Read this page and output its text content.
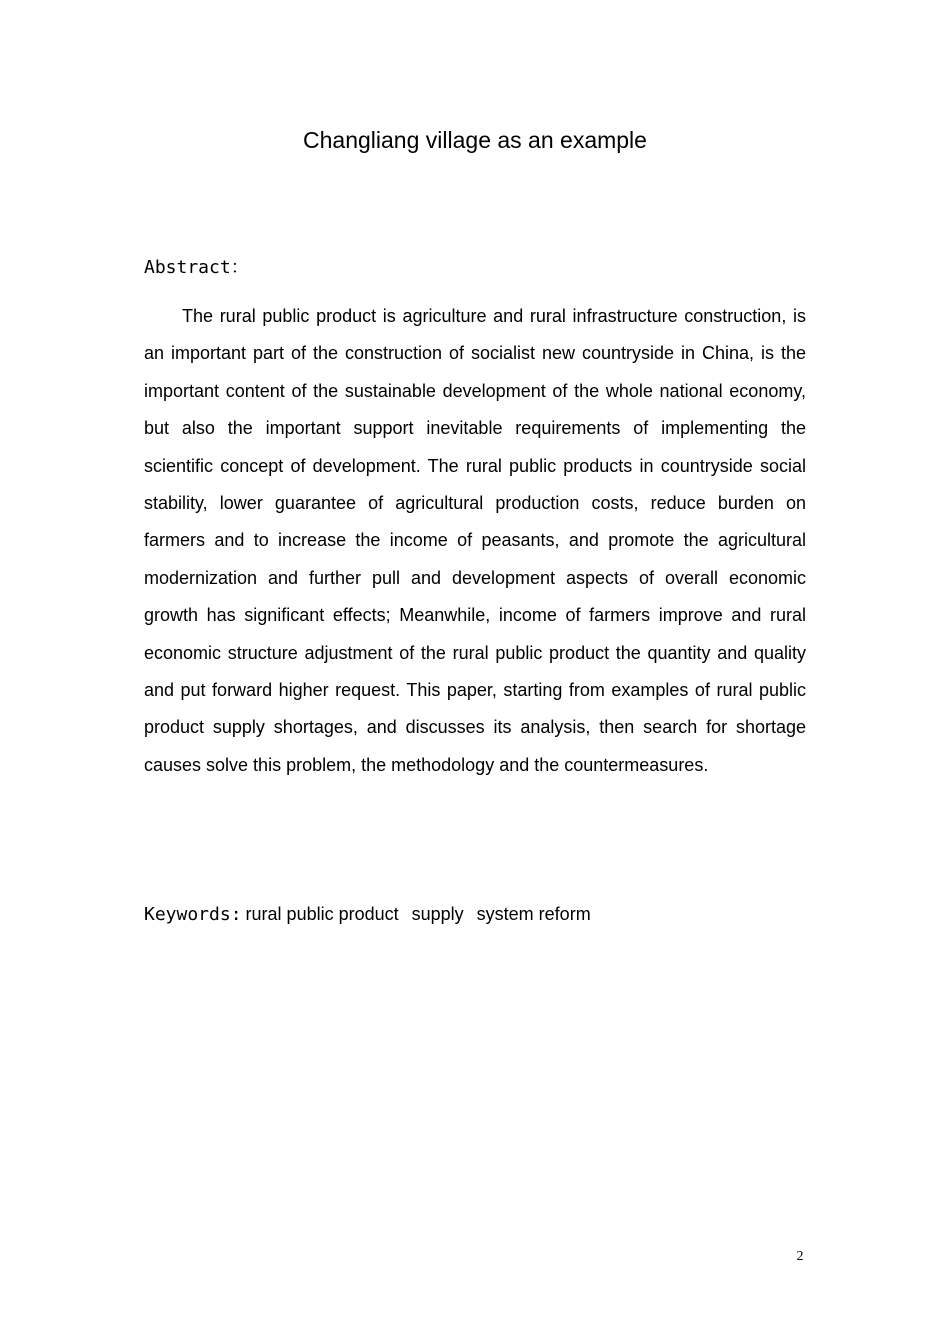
Changliang village as an example
Abstract：

The rural public product is agriculture and rural infrastructure construction, is an important part of the construction of socialist new countryside in China, is the important content of the sustainable development of the whole national economy, but also the important support inevitable requirements of implementing the scientific concept of development. The rural public products in countryside social stability, lower guarantee of agricultural production costs, reduce burden on farmers and to increase the income of peasants, and promote the agricultural modernization and further pull and development aspects of overall economic growth has significant effects; Meanwhile, income of farmers improve and rural economic structure adjustment of the rural public product the quantity and quality and put forward higher request. This paper, starting from examples of rural public product supply shortages, and discusses its analysis, then search for shortage causes solve this problem, the methodology and the countermeasures.

Keywords: rural public product supply system reform
2
